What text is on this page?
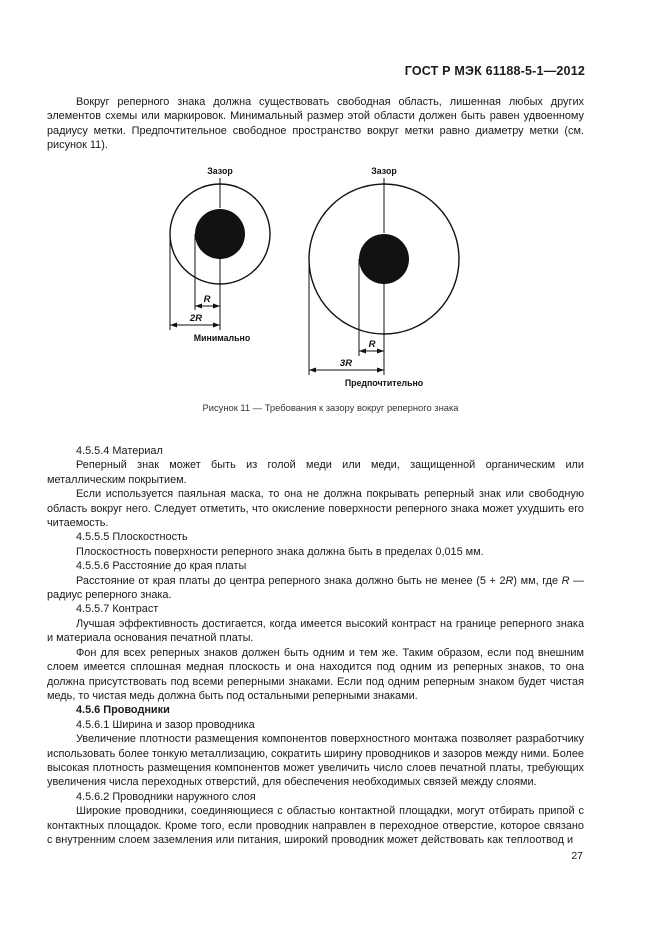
ГОСТ Р МЭК 61188-5-1—2012

Вокруг реперного знака должна существовать свободная область, лишенная любых других элементов схемы или маркировок. Минимальный размер этой области должен быть равен удвоенному радиусу метки. Предпочтительное свободное пространство вокруг метки равно диаметру метки (см. рисунок 11).

Зазор
R
2R
Минимально
Зазор
R
3R
Предпочтительно
Рисунок 11 — Требования к зазору вокруг реперного знака

4.5.5.4 Материал

Реперный знак может быть из голой меди или меди, защищенной органическим или металлическим покрытием.

Если используется паяльная маска, то она не должна покрывать реперный знак или свободную область вокруг него. Следует отметить, что окисление поверхности реперного знака может ухудшить его читаемость.

4.5.5.5 Плоскостность

Плоскостность поверхности реперного знака должна быть в пределах 0,015 мм.

4.5.5.6 Расстояние до края платы

Расстояние от края платы до центра реперного знака должно быть не менее (5 + 2R) мм, где R — радиус реперного знака.

4.5.5.7 Контраст

Лучшая эффективность достигается, когда имеется высокий контраст на границе реперного знака и материала основания печатной платы.

Фон для всех реперных знаков должен быть одним и тем же. Таким образом, если под внешним слоем имеется сплошная медная плоскость и она находится под одним из реперных знаков, то она должна присутствовать под всеми реперными знаками. Если под одним реперным знаком будет чистая медь, то чистая медь должна быть под остальными реперными знаками.

4.5.6 Проводники

4.5.6.1 Ширина и зазор проводника

Увеличение плотности размещения компонентов поверхностного монтажа позволяет разработчику использовать более тонкую металлизацию, сократить ширину проводников и зазоров между ними. Более высокая плотность размещения компонентов может увеличить число слоев печатной платы, требующих увеличения числа переходных отверстий, для обеспечения необходимых связей между слоями.

4.5.6.2 Проводники наружного слоя

Широкие проводники, соединяющиеся с областью контактной площадки, могут отбирать припой с контактных площадок. Кроме того, если проводник направлен в переходное отверстие, которое связано с внутренним слоем заземления или питания, широкий проводник может действовать как теплоотвод и

27
